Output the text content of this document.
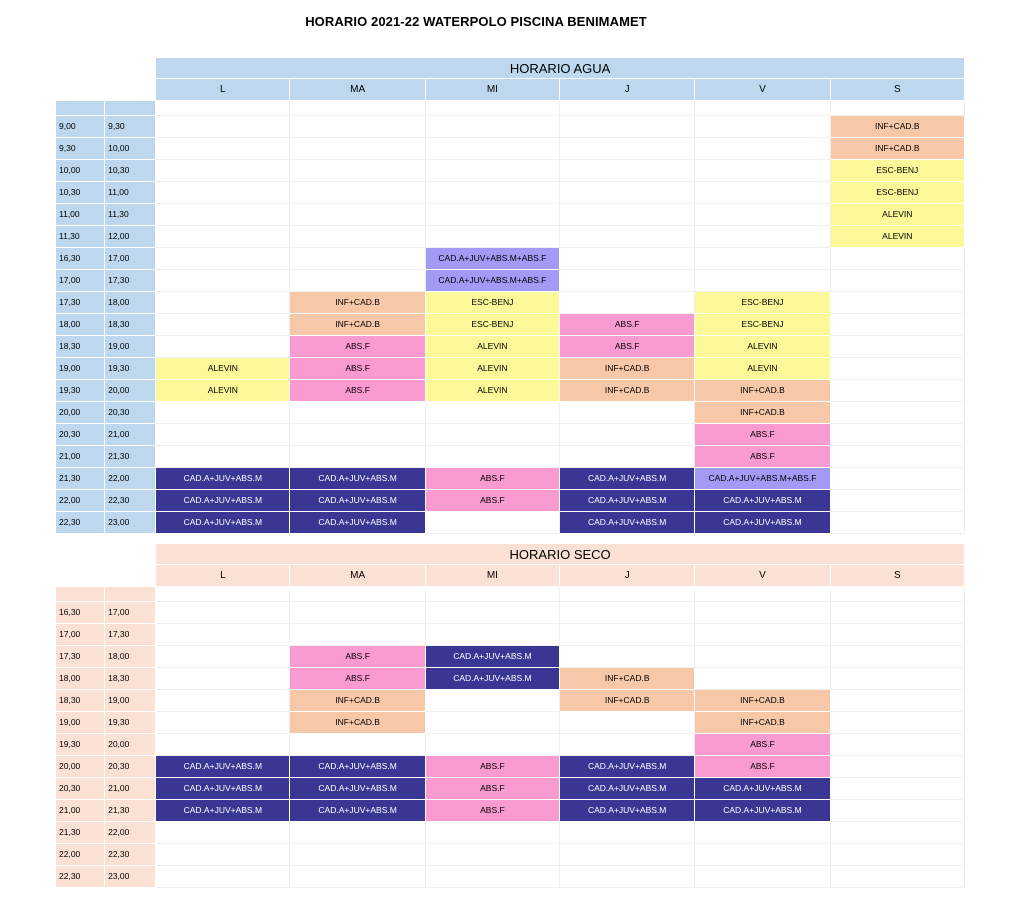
HORARIO 2021-22 WATERPOLO PISCINA BENIMAMET
		HORARIO AGUA					
		L	MA	MI	J	V	S

9,00	9,30						INF+CAD.B
9,30	10,00						INF+CAD.B
10,00	10,30						ESC-BENJ
10,30	11,00						ESC-BENJ
11,00	11,30						ALEVIN
11,30	12,00						ALEVIN
16,30	17,00			CAD.A+JUV+ABS.M+ABS.F			
17,00	17,30			CAD.A+JUV+ABS.M+ABS.F			
17,30	18,00		INF+CAD.B	ESC-BENJ		ESC-BENJ	
18,00	18,30		INF+CAD.B	ESC-BENJ	ABS.F	ESC-BENJ	
18,30	19,00		ABS.F	ALEVIN	ABS.F	ALEVIN	
19,00	19,30	ALEVIN	ABS.F	ALEVIN	INF+CAD.B	ALEVIN	
19,30	20,00	ALEVIN	ABS.F	ALEVIN	INF+CAD.B	INF+CAD.B	
20,00	20,30					INF+CAD.B	
20,30	21,00					ABS.F	
21,00	21,30					ABS.F	
21,30	22,00	CAD.A+JUV+ABS.M	CAD.A+JUV+ABS.M	ABS.F	CAD.A+JUV+ABS.M	CAD.A+JUV+ABS.M+ABS.F	
22,00	22,30	CAD.A+JUV+ABS.M	CAD.A+JUV+ABS.M	ABS.F	CAD.A+JUV+ABS.M	CAD.A+JUV+ABS.M	
22,30	23,00	CAD.A+JUV+ABS.M	CAD.A+JUV+ABS.M		CAD.A+JUV+ABS.M	CAD.A+JUV+ABS.M	
		HORARIO SECO					
		L	MA	MI	J	V	S

16,30	17,00						
17,00	17,30						
17,30	18,00		ABS.F	CAD.A+JUV+ABS.M			
18,00	18,30		ABS.F	CAD.A+JUV+ABS.M	INF+CAD.B		
18,30	19,00		INF+CAD.B		INF+CAD.B	INF+CAD.B	
19,00	19,30		INF+CAD.B			INF+CAD.B	
19,30	20,00					ABS.F	
20,00	20,30	CAD.A+JUV+ABS.M	CAD.A+JUV+ABS.M	ABS.F	CAD.A+JUV+ABS.M	ABS.F	
20,30	21,00	CAD.A+JUV+ABS.M	CAD.A+JUV+ABS.M	ABS.F	CAD.A+JUV+ABS.M	CAD.A+JUV+ABS.M	
21,00	21,30	CAD.A+JUV+ABS.M	CAD.A+JUV+ABS.M	ABS.F	CAD.A+JUV+ABS.M	CAD.A+JUV+ABS.M	
21,30	22,00						
22,00	22,30						
22,30	23,00						
